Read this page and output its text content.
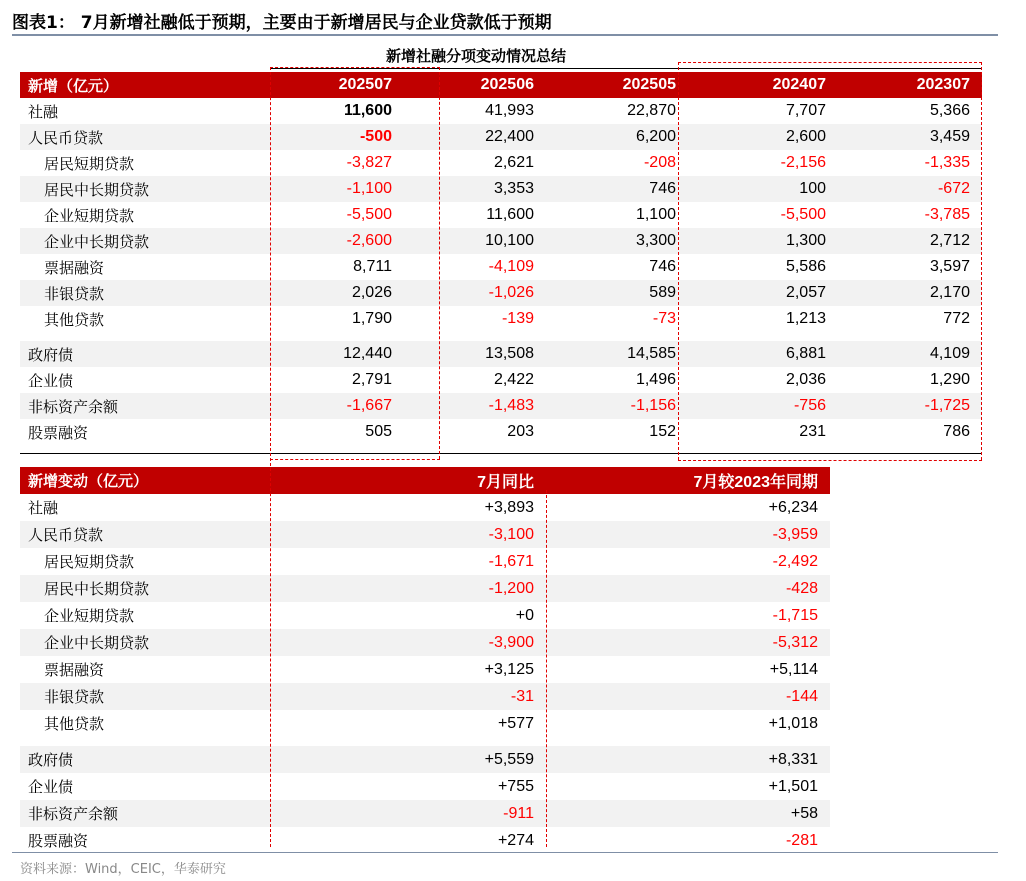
图表1： 7月新增社融低于预期，主要由于新增居民与企业贷款低于预期
新增社融分项变动情况总结
新增（亿元）	202507	202506	202505	202407	202307
社融	11,600	41,993	22,870	7,707	5,366
人民币贷款	-500	22,400	6,200	2,600	3,459
居民短期贷款	-3,827	2,621	-208	-2,156	-1,335
居民中长期贷款	-1,100	3,353	746	100	-672
企业短期贷款	-5,500	11,600	1,100	-5,500	-3,785
企业中长期贷款	-2,600	10,100	3,300	1,300	2,712
票据融资	8,711	-4,109	746	5,586	3,597
非银贷款	2,026	-1,026	589	2,057	2,170
其他贷款	1,790	-139	-73	1,213	772

政府债	12,440	13,508	14,585	6,881	4,109
企业债	2,791	2,422	1,496	2,036	1,290
非标资产余额	-1,667	-1,483	-1,156	-756	-1,725
股票融资	505	203	152	231	786
新增变动（亿元）	7月同比	7月较2023年同期
社融	+3,893	+6,234
人民币贷款	-3,100	-3,959
居民短期贷款	-1,671	-2,492
居民中长期贷款	-1,200	-428
企业短期贷款	+0	-1,715
企业中长期贷款	-3,900	-5,312
票据融资	+3,125	+5,114
非银贷款	-31	-144
其他贷款	+577	+1,018

政府债	+5,559	+8,331
企业债	+755	+1,501
非标资产余额	-911	+58
股票融资	+274	-281
资料来源：Wind，CEIC，华泰研究
